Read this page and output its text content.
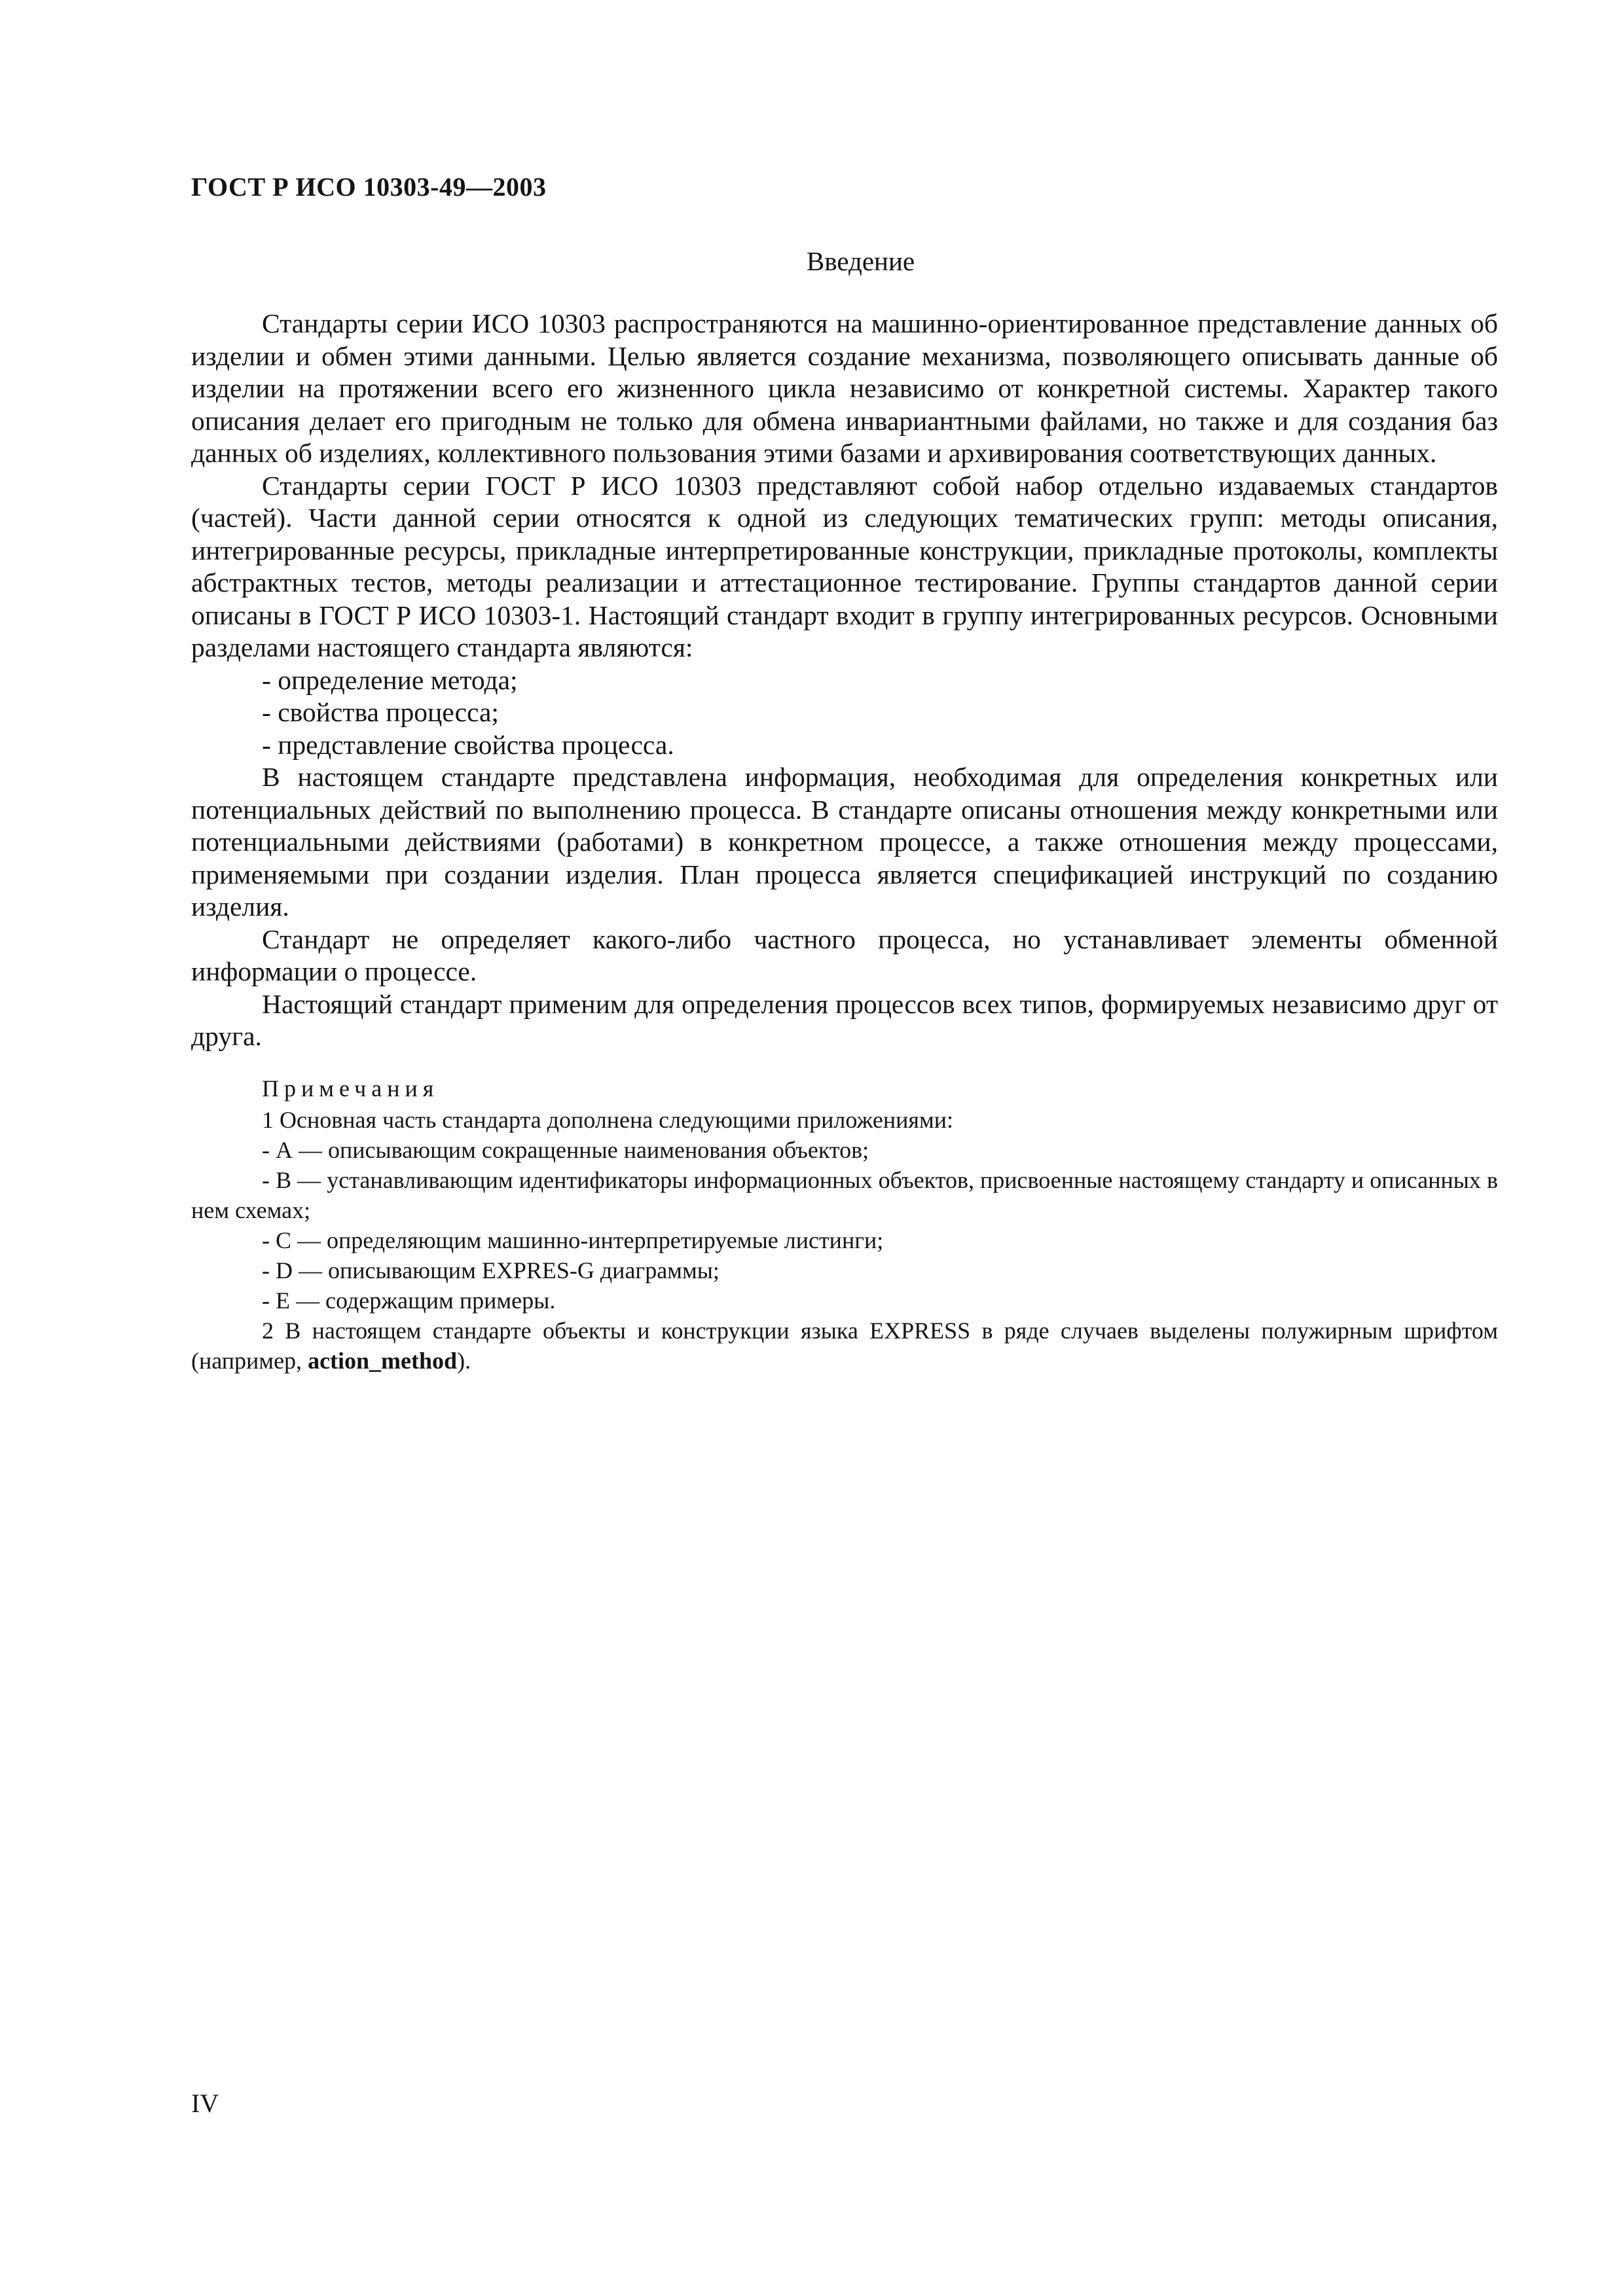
ГОСТ Р ИСО 10303-49—2003
Введение

Стандарты серии ИСО 10303 распространяются на машинно-ориентированное представление данных об изделии и обмен этими данными. Целью является создание механизма, позволяющего описывать данные об изделии на протяжении всего его жизненного цикла независимо от конкретной системы. Характер такого описания делает его пригодным не только для обмена инвариантными файлами, но также и для создания баз данных об изделиях, коллективного пользования этими базами и архивирования соответствующих данных.

Стандарты серии ГОСТ Р ИСО 10303 представляют собой набор отдельно издаваемых стандартов (частей). Части данной серии относятся к одной из следующих тематических групп: методы описания, интегрированные ресурсы, прикладные интерпретированные конструкции, прикладные протоколы, комплекты абстрактных тестов, методы реализации и аттестационное тестирование. Группы стандартов данной серии описаны в ГОСТ Р ИСО 10303-1. Настоящий стандарт входит в группу интегрированных ресурсов. Основными разделами настоящего стандарта являются:

- определение метода;

- свойства процесса;

- представление свойства процесса.

В настоящем стандарте представлена информация, необходимая для определения конкретных или потенциальных действий по выполнению процесса. В стандарте описаны отношения между конкретными или потенциальными действиями (работами) в конкретном процессе, а также отношения между процессами, применяемыми при создании изделия. План процесса является спецификацией инструкций по созданию изделия.

Стандарт не определяет какого-либо частного процесса, но устанавливает элементы обменной информации о процессе.

Настоящий стандарт применим для определения процессов всех типов, формируемых независимо друг от друга.

Примечания

1 Основная часть стандарта дополнена следующими приложениями:

- А — описывающим сокращенные наименования объектов;

- В — устанавливающим идентификаторы информационных объектов, присвоенные настоящему стандарту и описанных в нем схемах;

- С — определяющим машинно-интерпретируемые листинги;

- D — описывающим EXPRES-G диаграммы;

- Е — содержащим примеры.

2 В настоящем стандарте объекты и конструкции языка EXPRESS в ряде случаев выделены полужирным шрифтом (например, action_method).

IV
